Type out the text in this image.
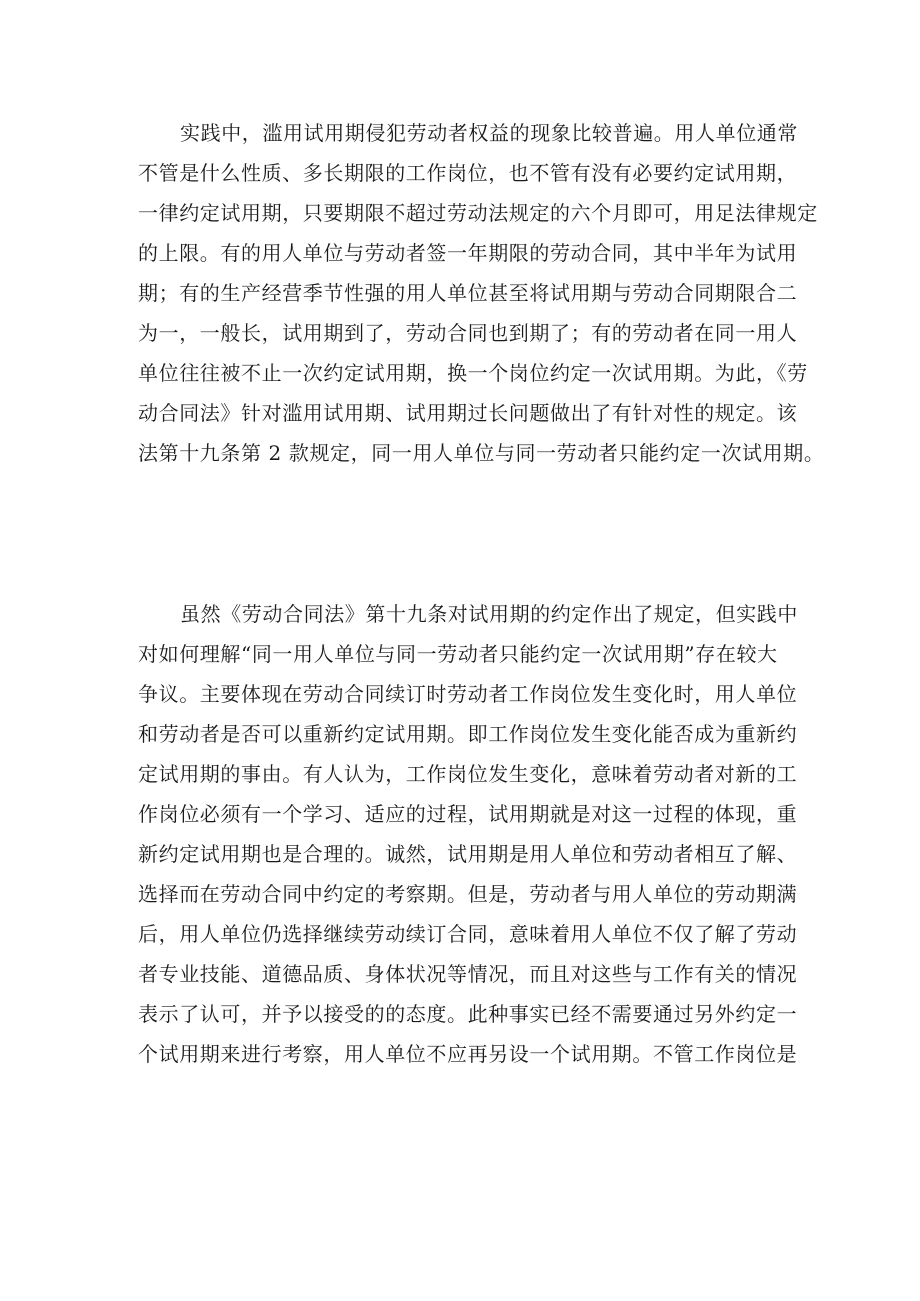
实践中，滥用试用期侵犯劳动者权益的现象比较普遍。用人单位通常
不管是什么性质、多长期限的工作岗位，也不管有没有必要约定试用期，
一律约定试用期，只要期限不超过劳动法规定的六个月即可，用足法律规定
的上限。有的用人单位与劳动者签一年期限的劳动合同，其中半年为试用
期；有的生产经营季节性强的用人单位甚至将试用期与劳动合同期限合二
为一，一般长，试用期到了，劳动合同也到期了；有的劳动者在同一用人
单位往往被不止一次约定试用期，换一个岗位约定一次试用期。为此，《劳
动合同法》针对滥用试用期、试用期过长问题做出了有针对性的规定。该
法第十九条第 2 款规定，同一用人单位与同一劳动者只能约定一次试用期。
虽然《劳动合同法》第十九条对试用期的约定作出了规定，但实践中
对如何理解“同一用人单位与同一劳动者只能约定一次试用期”存在较大
争议。主要体现在劳动合同续订时劳动者工作岗位发生变化时，用人单位
和劳动者是否可以重新约定试用期。即工作岗位发生变化能否成为重新约
定试用期的事由。有人认为，工作岗位发生变化，意味着劳动者对新的工
作岗位必须有一个学习、适应的过程，试用期就是对这一过程的体现，重
新约定试用期也是合理的。诚然，试用期是用人单位和劳动者相互了解、
选择而在劳动合同中约定的考察期。但是，劳动者与用人单位的劳动期满
后，用人单位仍选择继续劳动续订合同，意味着用人单位不仅了解了劳动
者专业技能、道德品质、身体状况等情况，而且对这些与工作有关的情况
表示了认可，并予以接受的的态度。此种事实已经不需要通过另外约定一
个试用期来进行考察，用人单位不应再另设一个试用期。不管工作岗位是
